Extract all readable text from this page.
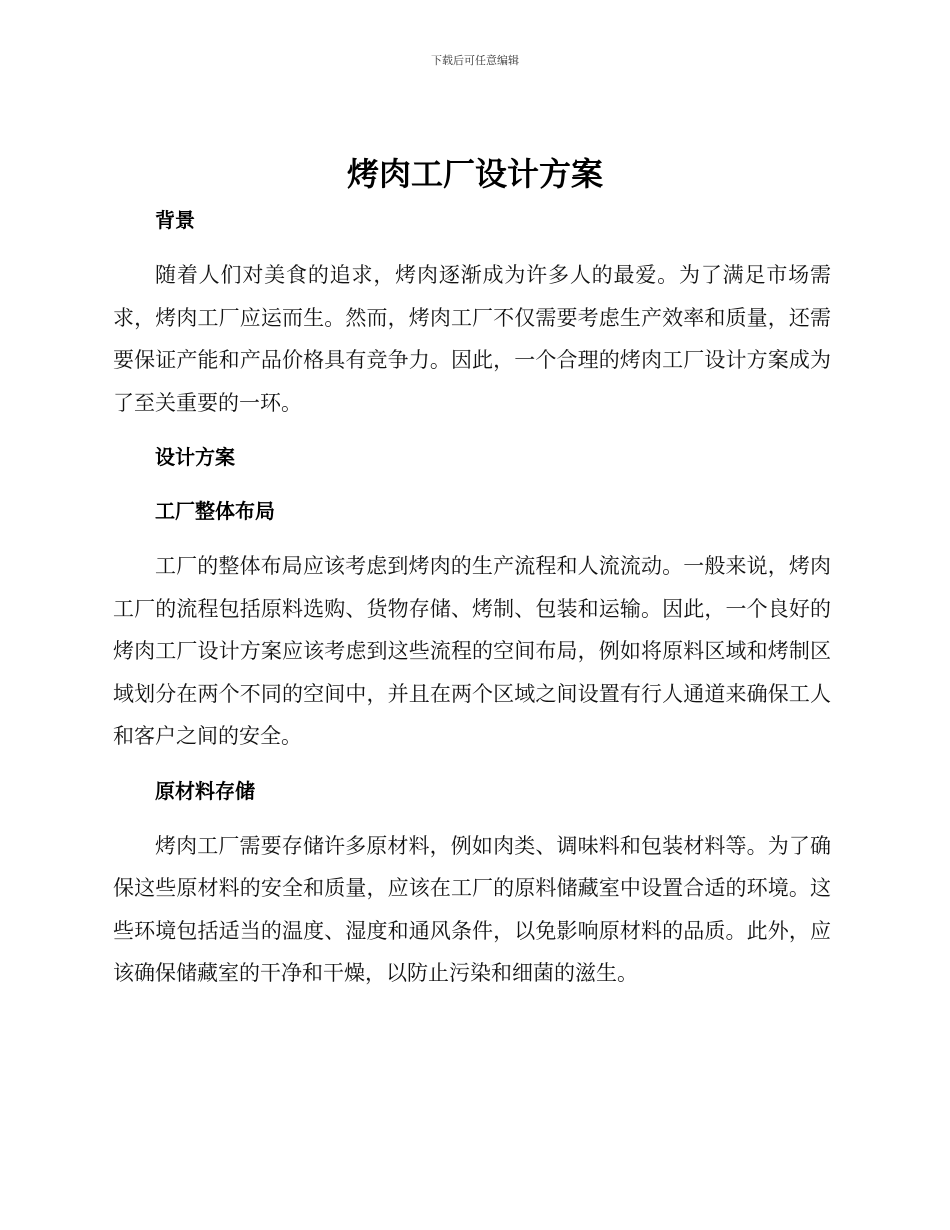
下载后可任意编辑
烤肉工厂设计方案
背景

随着人们对美食的追求，烤肉逐渐成为许多人的最爱。为了满足市场需求，烤肉工厂应运而生。然而，烤肉工厂不仅需要考虑生产效率和质量，还需要保证产能和产品价格具有竞争力。因此，一个合理的烤肉工厂设计方案成为了至关重要的一环。

设计方案
工厂整体布局

工厂的整体布局应该考虑到烤肉的生产流程和人流流动。一般来说，烤肉工厂的流程包括原料选购、货物存储、烤制、包装和运输。因此，一个良好的烤肉工厂设计方案应该考虑到这些流程的空间布局，例如将原料区域和烤制区域划分在两个不同的空间中，并且在两个区域之间设置有行人通道来确保工人和客户之间的安全。

原材料存储

烤肉工厂需要存储许多原材料，例如肉类、调味料和包装材料等。为了确保这些原材料的安全和质量，应该在工厂的原料储藏室中设置合适的环境。这些环境包括适当的温度、湿度和通风条件，以免影响原材料的品质。此外，应该确保储藏室的干净和干燥，以防止污染和细菌的滋生。
